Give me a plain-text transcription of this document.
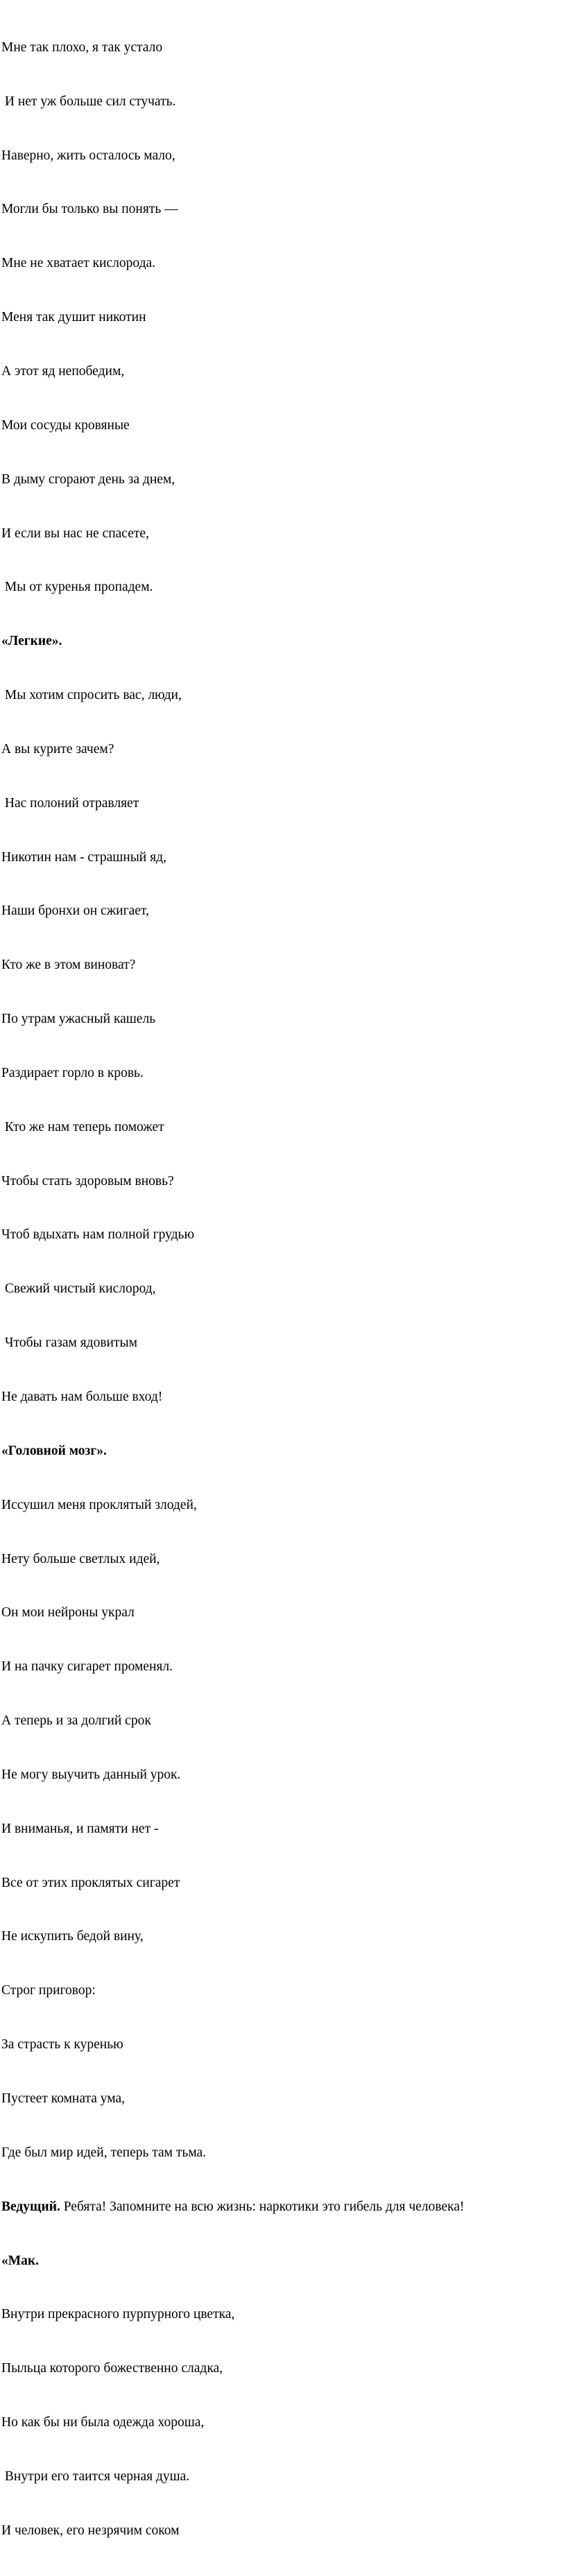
Мне так плохо, я так устало

И нет уж больше сил стучать.

Наверно, жить осталось мало,

Могли бы только вы понять —

Мне не хватает кислорода.

Меня так душит никотин

А этот яд непобедим,

Мои сосуды кровяные

В дыму сгорают день за днем,

И если вы нас не спасете,

Мы от куренья пропадем.

«Легкие».

Мы хотим спросить вас, люди,

А вы курите зачем?

Нас полоний отравляет

Никотин нам - страшный яд,

Наши бронхи он сжигает,

Кто же в этом виноват?

По утрам ужасный кашель

Раздирает горло в кровь.

Кто же нам теперь поможет

Чтобы стать здоровым вновь?

Чтоб вдыхать нам полной грудью

Свежий чистый кислород,

Чтобы газам ядовитым

Не давать нам больше вход!

«Головной мозг».

Иссушил меня проклятый злодей,

Нету больше светлых идей,

Он мои нейроны украл

И на пачку сигарет променял.

А теперь и за долгий срок

Не могу выучить данный урок.

И вниманья, и памяти нет -

Все от этих проклятых сигарет

Не искупить бедой вину,

Строг приговор:

За страсть к куренью

Пустеет комната ума,

Где был мир идей, теперь там тьма.

Ведущий. Ребята! Запомните на всю жизнь: наркотики это гибель для человека!

«Мак.

Внутри прекрасного пурпурного цветка,

Пыльца которого божественно сладка,

Но как бы ни была одежда хороша,

Внутри его таится черная душа.

И человек, его незрячим соком
